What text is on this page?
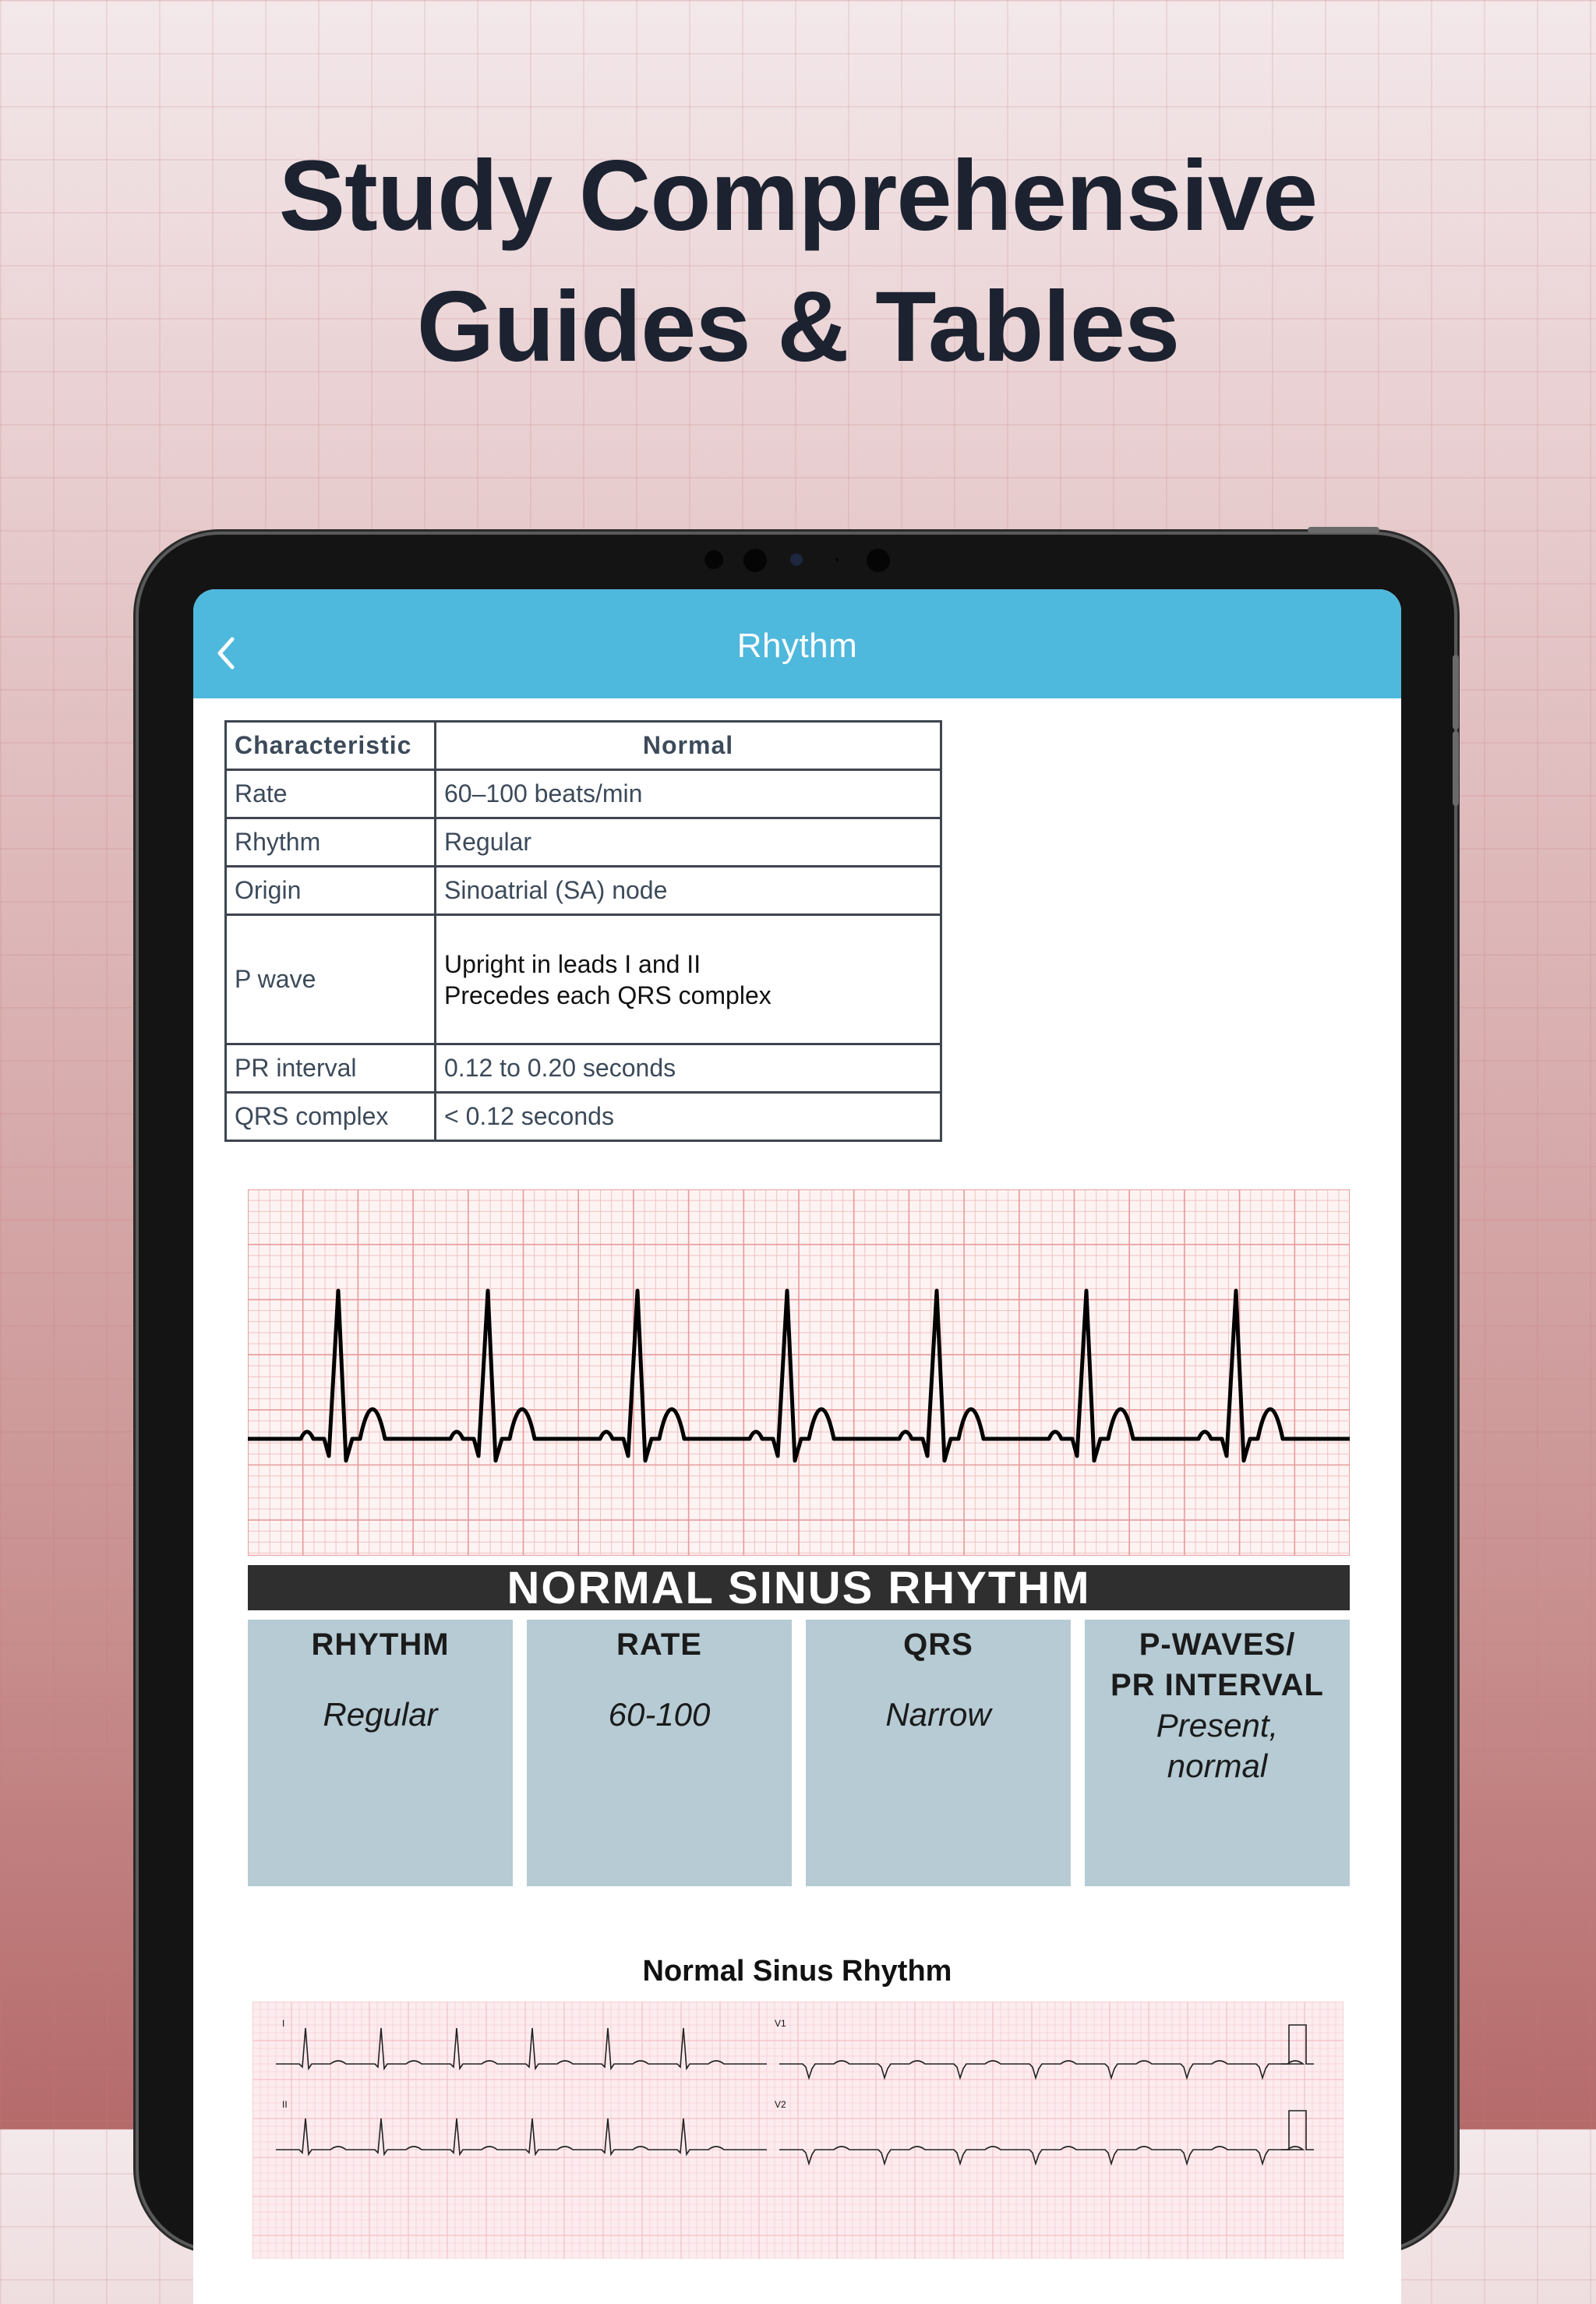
Study Comprehensive
Guides & Tables
Rhythm
Characteristic	Normal
Rate	60–100 beats/min
Rhythm	Regular
Origin	Sinoatrial (SA) node
P wave	Upright in leads I and II
Precedes each QRS complex

PR interval	0.12 to 0.20 seconds
QRS complex	< 0.12 seconds
NORMAL SINUS RHYTHM
RHYTHM
Regular
RATE
60-100
QRS
Narrow
P-WAVES/
PR INTERVAL
Present,
normal
Normal Sinus Rhythm
I	V1
II	V2
